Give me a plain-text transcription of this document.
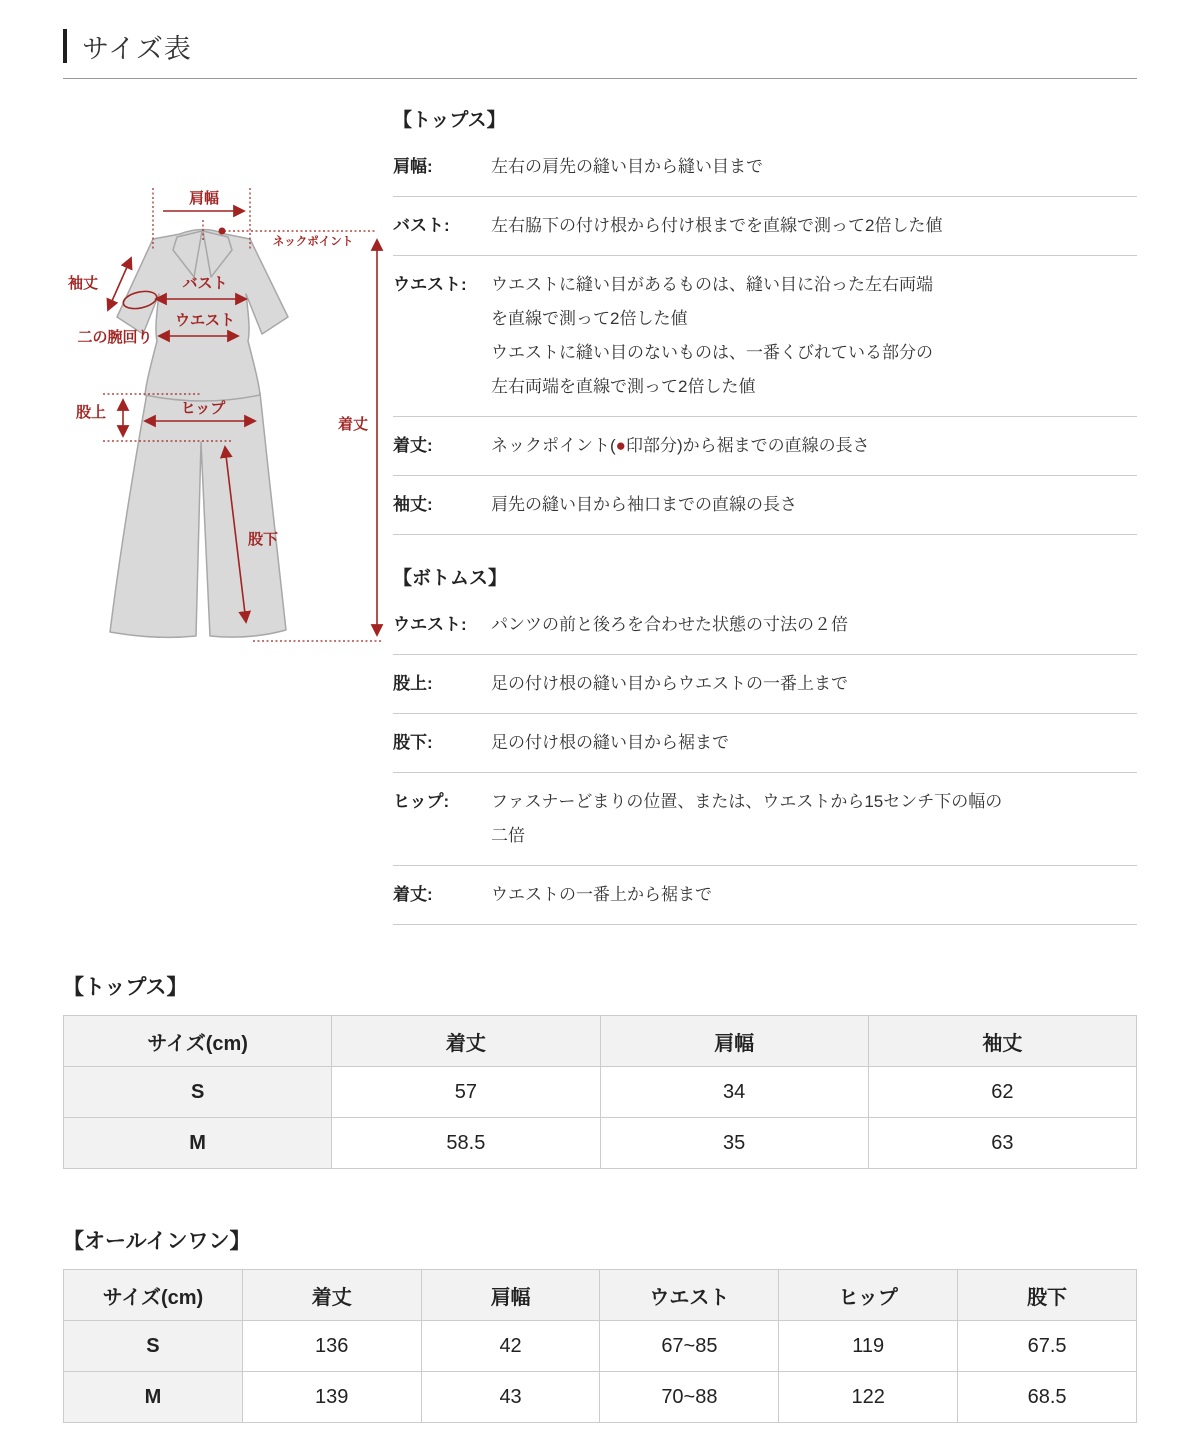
サイズ表
肩幅
ネックポイント
袖丈	バスト
ウエスト
二の腕回り
股上	ヒップ
股下
着丈
【トップス】
肩幅:	左右の肩先の縫い目から縫い目まで
バスト:	左右脇下の付け根から付け根までを直線で測って2倍した値
ウエスト:	ウエストに縫い目があるものは、縫い目に沿った左右両端
を直線で測って2倍した値
ウエストに縫い目のないものは、一番くびれている部分の
左右両端を直線で測って2倍した値
着丈:	ネックポイント(●印部分)から裾までの直線の長さ
袖丈:	肩先の縫い目から袖口までの直線の長さ
【ボトムス】
ウエスト:	パンツの前と後ろを合わせた状態の寸法の２倍
股上:	足の付け根の縫い目からウエストの一番上まで
股下:	足の付け根の縫い目から裾まで
ヒップ:	ファスナーどまりの位置、または、ウエストから15センチ下の幅の
二倍
着丈:	ウエストの一番上から裾まで
【トップス】
サイズ(cm)	着丈	肩幅	袖丈
S	57	34	62
M	58.5	35	63
【オールインワン】
サイズ(cm)	着丈	肩幅	ウエスト	ヒップ	股下
S	136	42	67~85	119	67.5
M	139	43	70~88	122	68.5
